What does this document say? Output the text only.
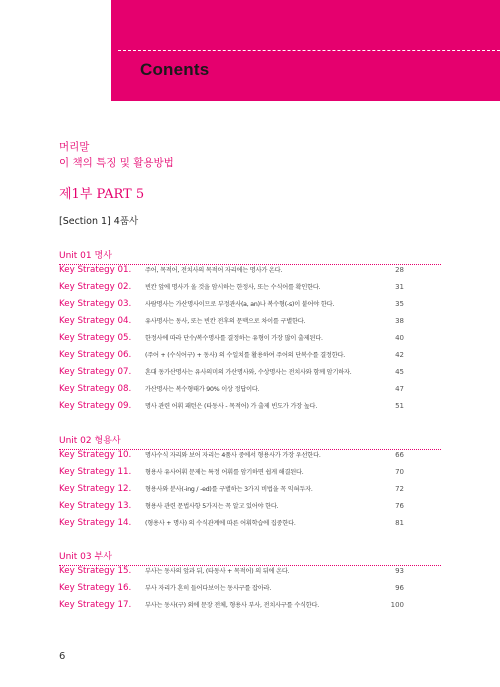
Conents
머리말
이 책의 특징 및 활용방법
제1부 PART 5
[Section 1] 4품사
Unit 01 명사
Key Strategy 01. 주어, 목적어, 전치사의 목적어 자리에는 명사가 온다.	28
Key Strategy 02. 빈칸 앞에 명사가 올 것을 암시하는 한정사, 또는 수식어를 확인한다.	31
Key Strategy 03. 사람명사는 가산명사이므로 부정관사(a, an)나 복수형(-s)이 붙어야 한다.	35
Key Strategy 04. 유사명사는 동사, 또는 빈칸 전후의 문맥으로 차이를 구별한다.	38
Key Strategy 05. 한정사에 따라 단수/복수명사를 결정하는 유형이 가장 많이 출제된다.	40
Key Strategy 06. (주어 + (수식어구) + 동사) 의 수일치를 활용하여 주어의 단복수를 결정한다.	42
Key Strategy 07. 혼대 동가산명사는 유사의미의 가산명사와, 수상명사는 전치사와 함께 암기하자.	45
Key Strategy 08. 가산명사는 복수형태가 90% 이상 정답이다.	47
Key Strategy 09. 명사 관련 어휘 패턴은 (타동사 - 목적어) 가 출제 빈도가 가장 높다.	51
Unit 02 형용사
Key Strategy 10. 명사수식 자리와 보어 자리는 4품사 중에서 형용사가 가장 우선한다.	66
Key Strategy 11. 형용사 유사어휘 문제는 특정 어휘를 암기하면 쉽게 해결된다.	70
Key Strategy 12. 형용사와 분사(-ing / -ed)를 구별하는 3가지 비법을 꼭 익혀두자.	72
Key Strategy 13. 형용사 관련 문법사항 5가지는 꼭 알고 있어야 한다.	76
Key Strategy 14. (형용사 + 명사) 의 수식관계에 따른 어휘학습에 집중한다.	81
Unit 03 부사
Key Strategy 15. 부사는 동사의 앞과 뒤, (타동사 + 목적어) 의 뒤에 온다.	93
Key Strategy 16. 부사 자리가 혼히 들어다보이는 동사구를 잡아라.	96
Key Strategy 17. 부사는 동사(구) 외에 문장 전체, 형용사 부사, 전치사구를 수식한다.	100
6
